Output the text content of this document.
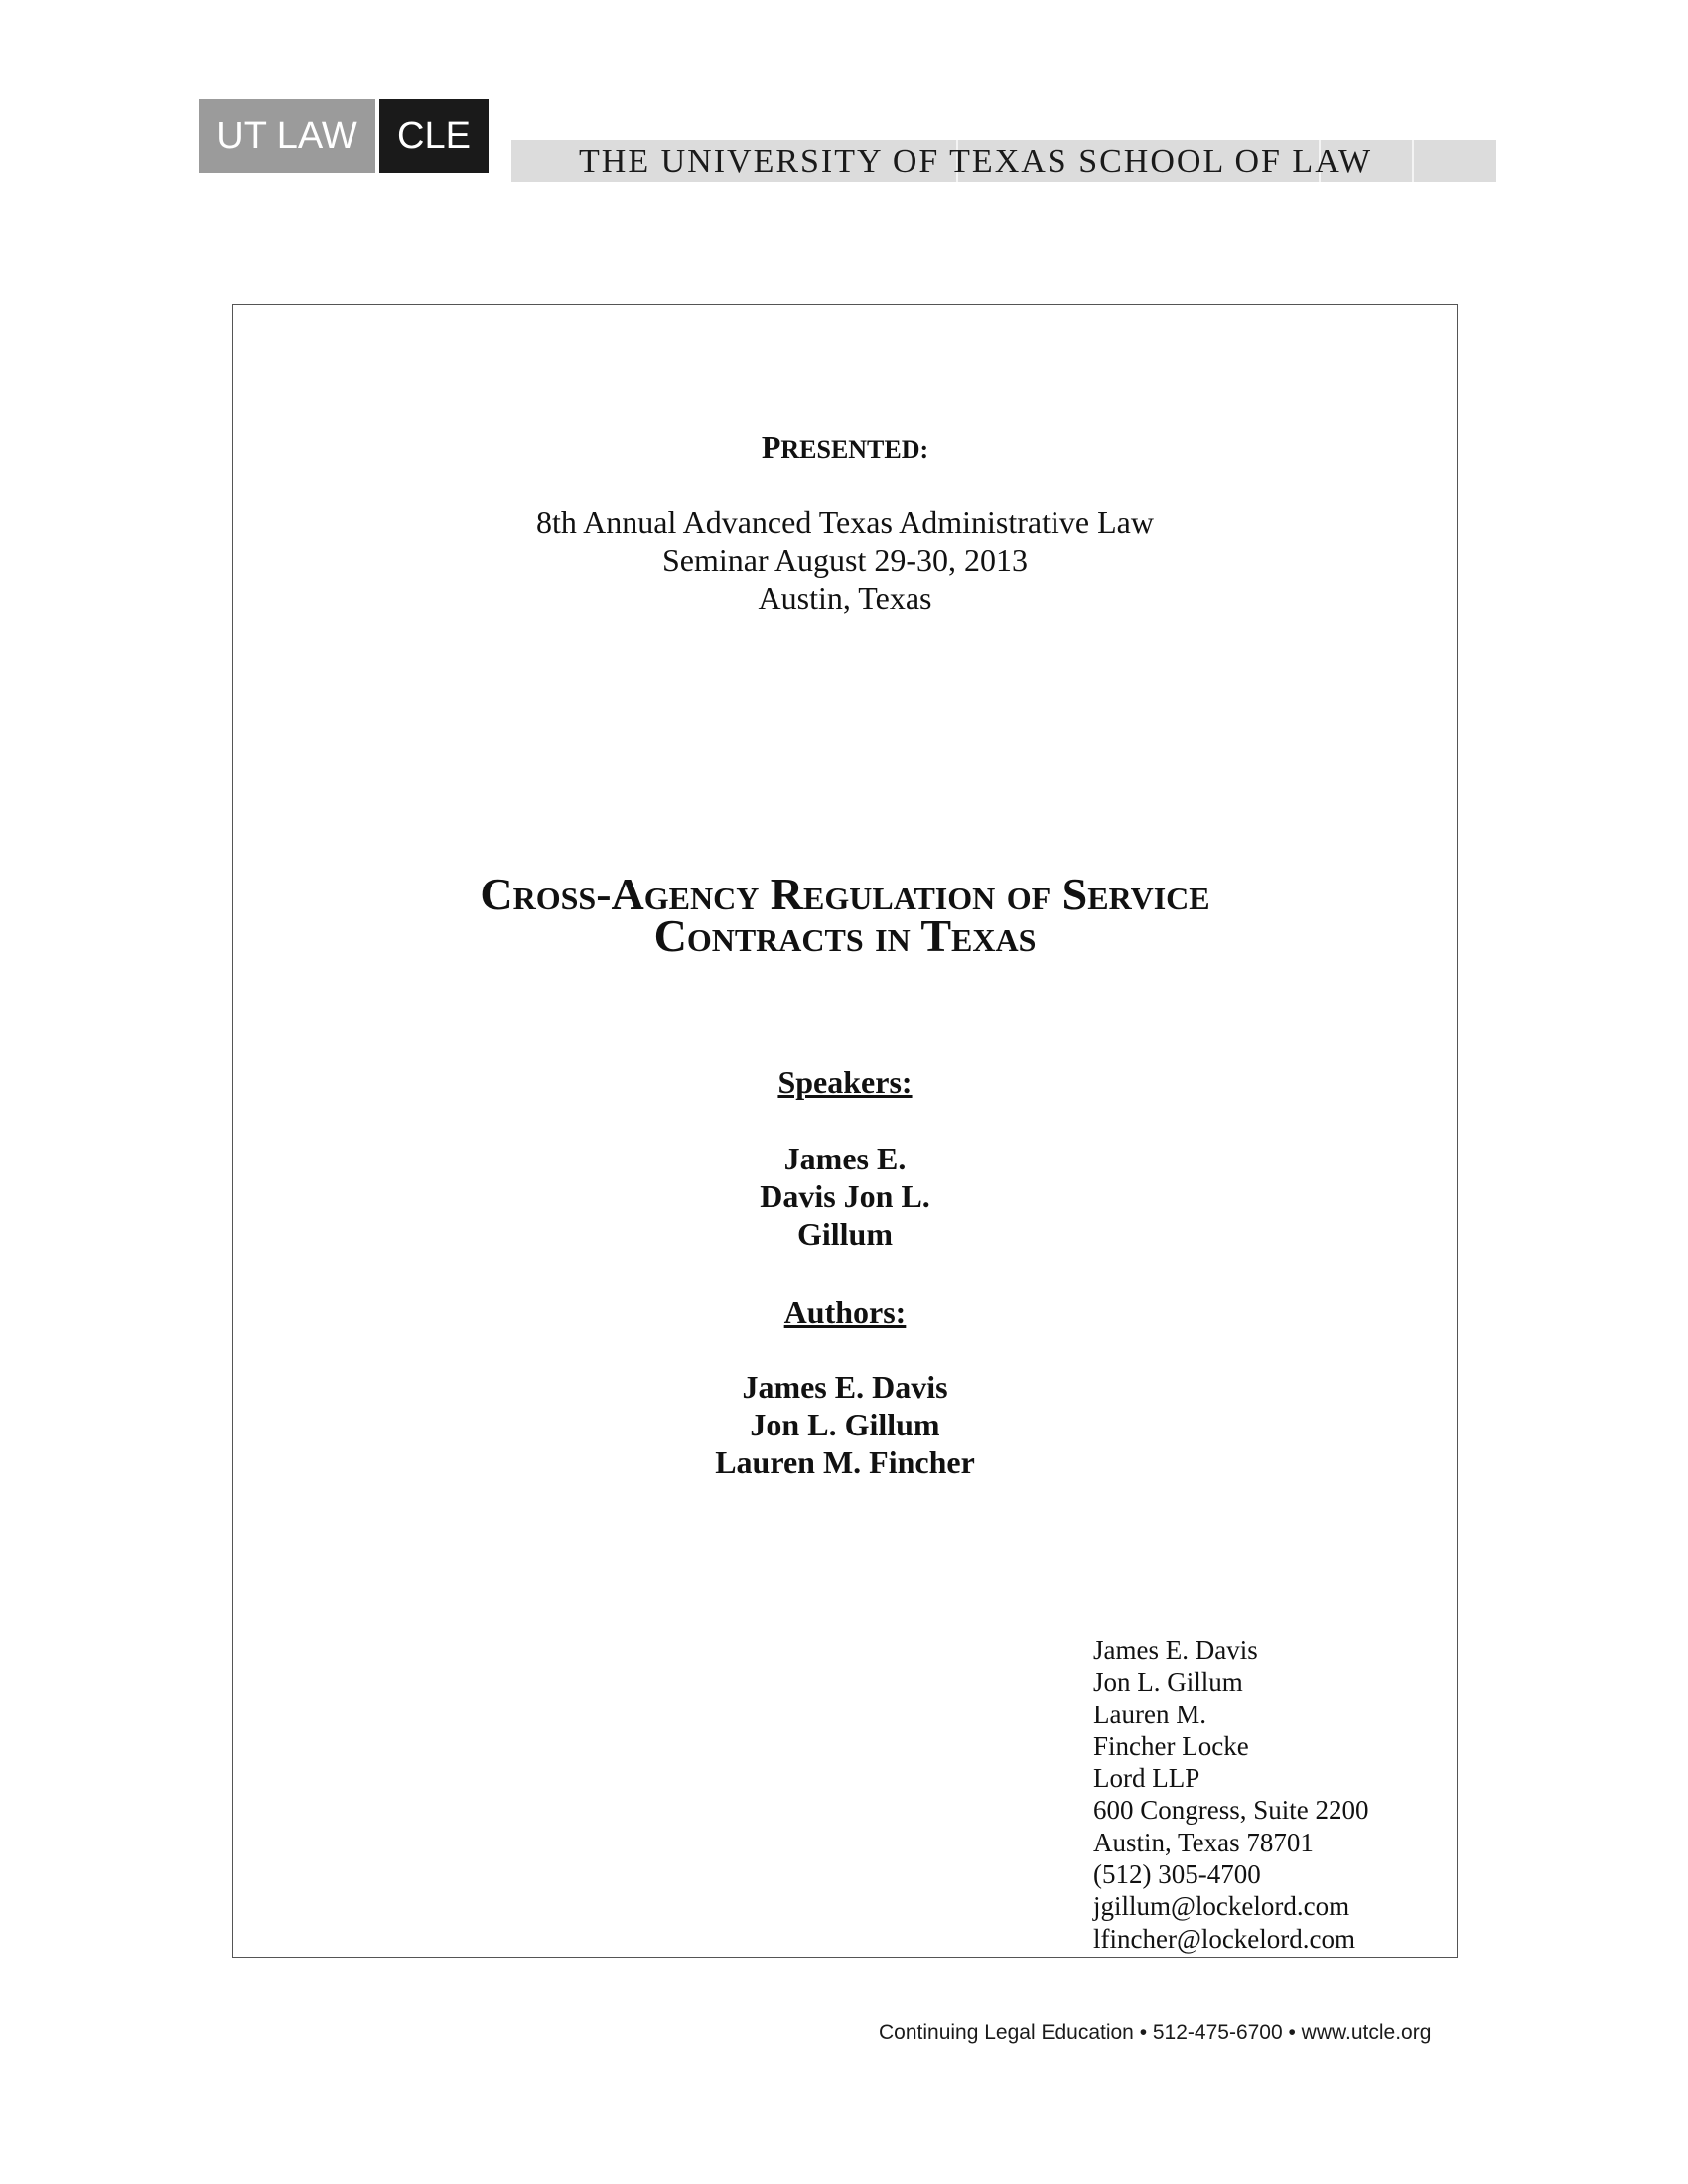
UT LAW	CLE
THE UNIVERSITY OF TEXAS SCHOOL OF LAW
PRESENTED:
8th Annual Advanced Texas Administrative Law
Seminar August 29-30, 2013
Austin, Texas
Cross-Agency Regulation of Service
Contracts in Texas
Speakers:
James E.
Davis Jon L.
Gillum
Authors:
James E. Davis
Jon L. Gillum
Lauren M. Fincher
James E. Davis
Jon L. Gillum
Lauren M.
Fincher Locke
Lord LLP
600 Congress, Suite 2200
Austin, Texas 78701
(512) 305-4700
jgillum@lockelord.com
lfincher@lockelord.com
Continuing Legal Education • 512-475-6700 • www.utcle.org
